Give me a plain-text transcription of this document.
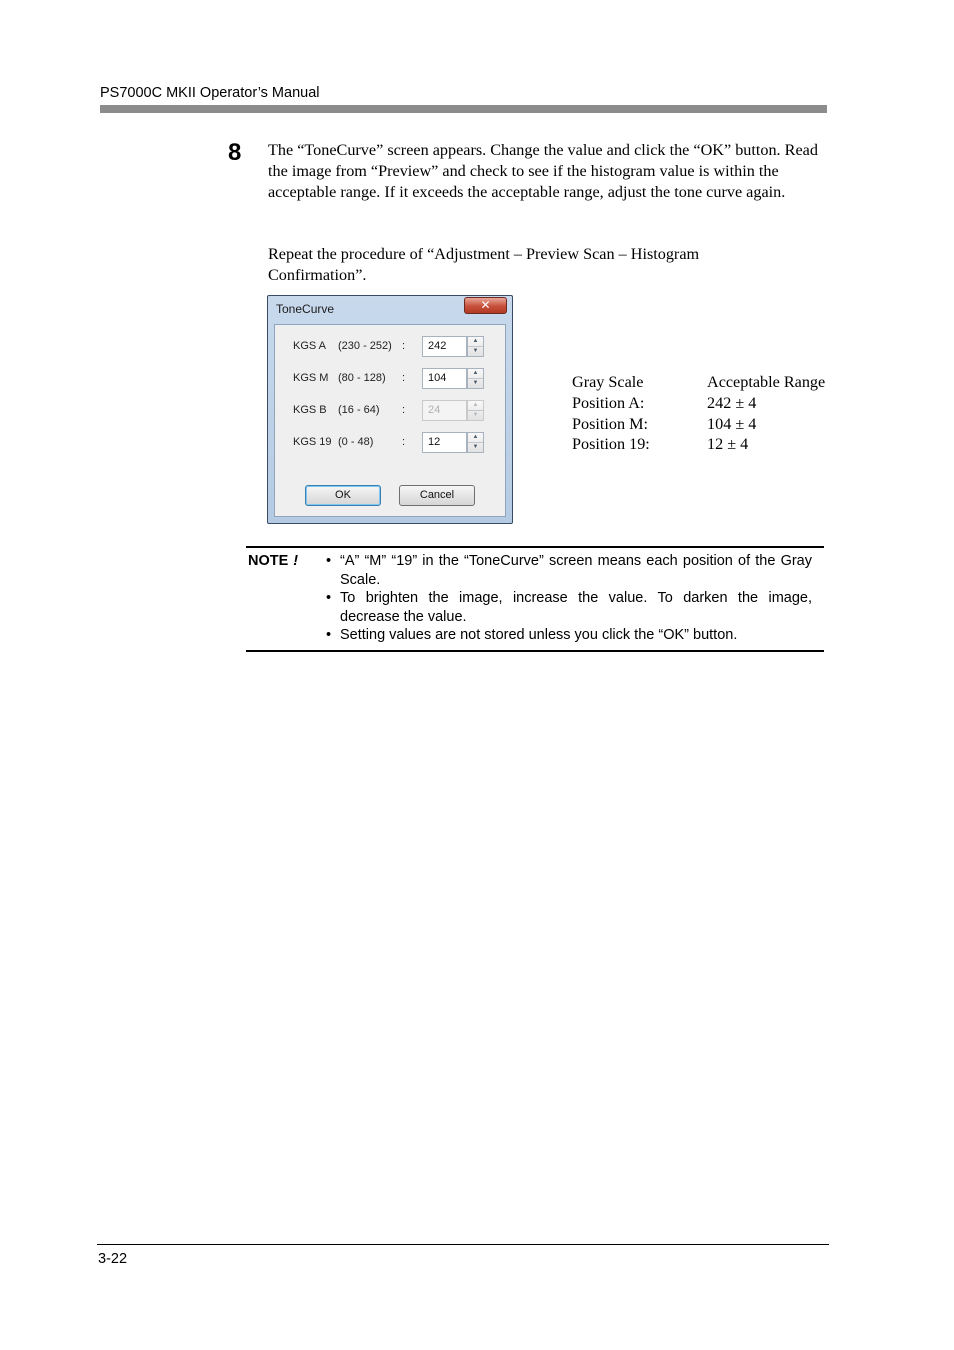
PS7000C MKII Operator’s Manual
8 The “ToneCurve” screen appears. Change the value and click the “OK” button. Read the image from “Preview” and check to see if the histogram value is within the acceptable range. If it exceeds the acceptable range, adjust the tone curve again.
Repeat the procedure of “Adjustment – Preview Scan – Histogram Confirmation”.
ToneCurve	✕
KGS A (230 - 252) :	242	▲
▼
KGS M (80 - 128) :	104	▲
▼
KGS B (16 - 64) :	24	▲
▼
KGS 19 (0 - 48)	:	12	▲
▼
OK	Cancel
Gray Scale	Acceptable Range
Position A:	242 ± 4
Position M:	104 ± 4
Position 19:	12 ± 4
NOTE ! • “A” “M” “19” in the “ToneCurve” screen means each position of the Gray Scale.
• To brighten the image, increase the value. To darken the image, decrease the value.
• Setting values are not stored unless you click the “OK” button.
3-22
